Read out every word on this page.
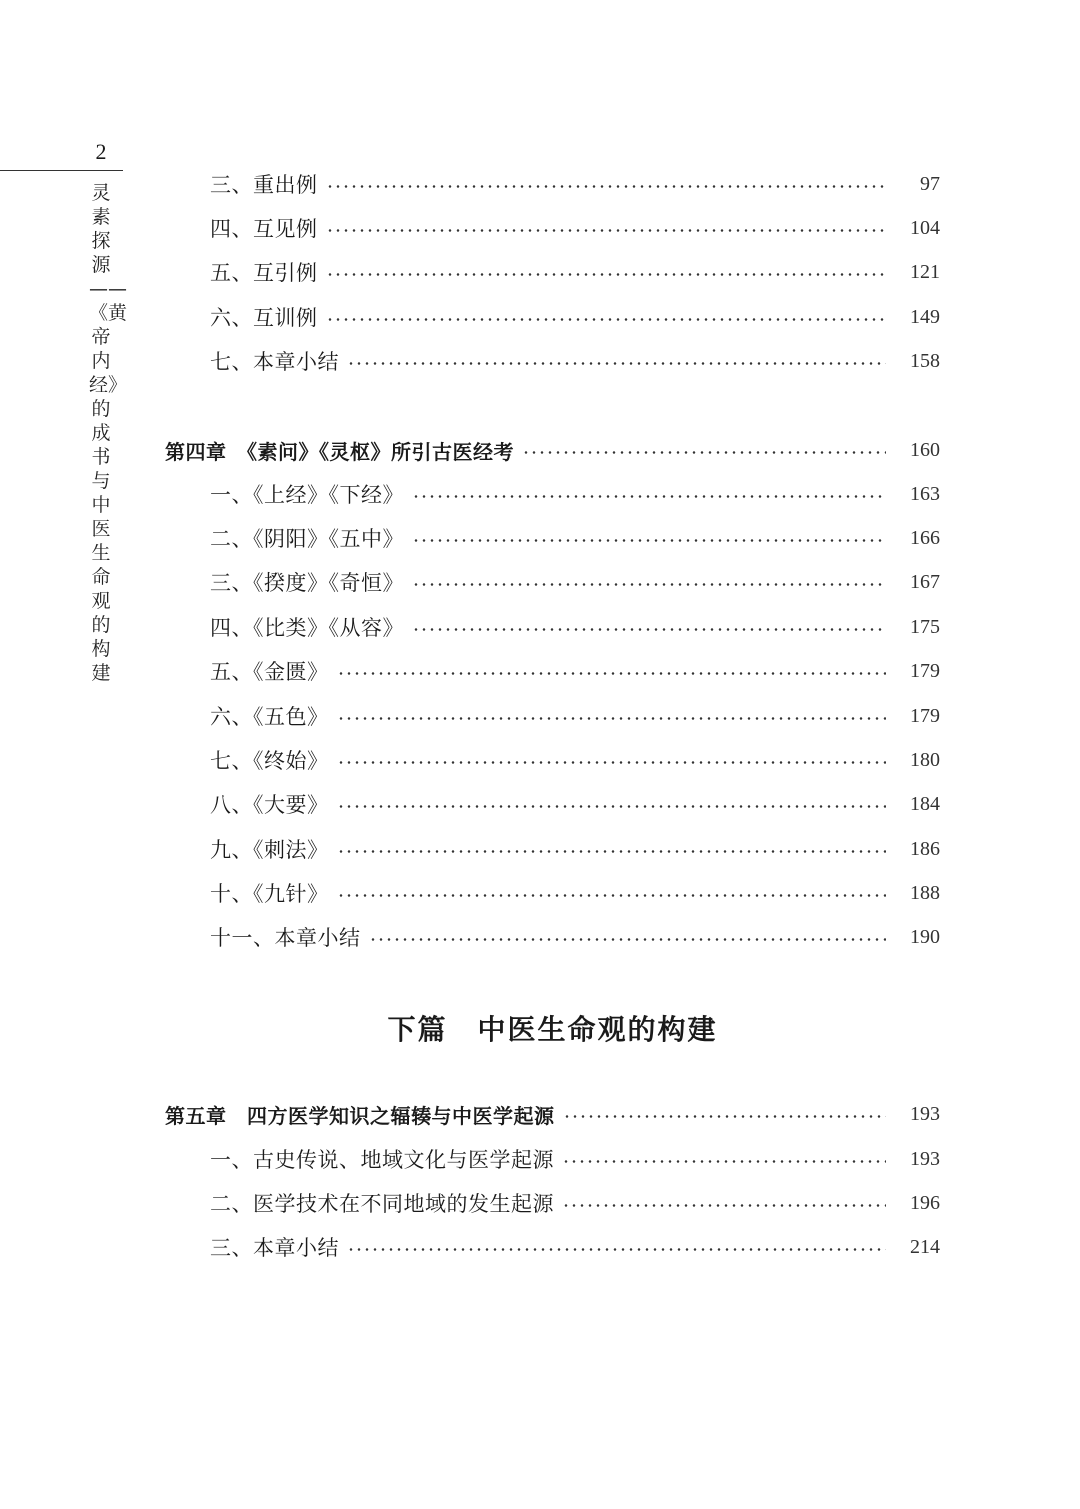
2
灵素探源——《黄帝内经》的成书与中医生命观的构建
三、重出例	97
四、互见例	104
五、互引例	121
六、互训例	149
七、本章小结	158
第四章　《素问》《灵枢》所引古医经考	160
一、《上经》《下经》	163
二、《阴阳》《五中》	166
三、《揆度》《奇恒》	167
四、《比类》《从容》	175
五、《金匮》	179
六、《五色》	179
七、《终始》	180
八、《大要》	184
九、《刺法》	186
十、《九针》	188
十一、本章小结	190
下篇　中医生命观的构建
第五章　四方医学知识之辐辏与中医学起源	193
一、古史传说、地域文化与医学起源	193
二、医学技术在不同地域的发生起源	196
三、本章小结	214
